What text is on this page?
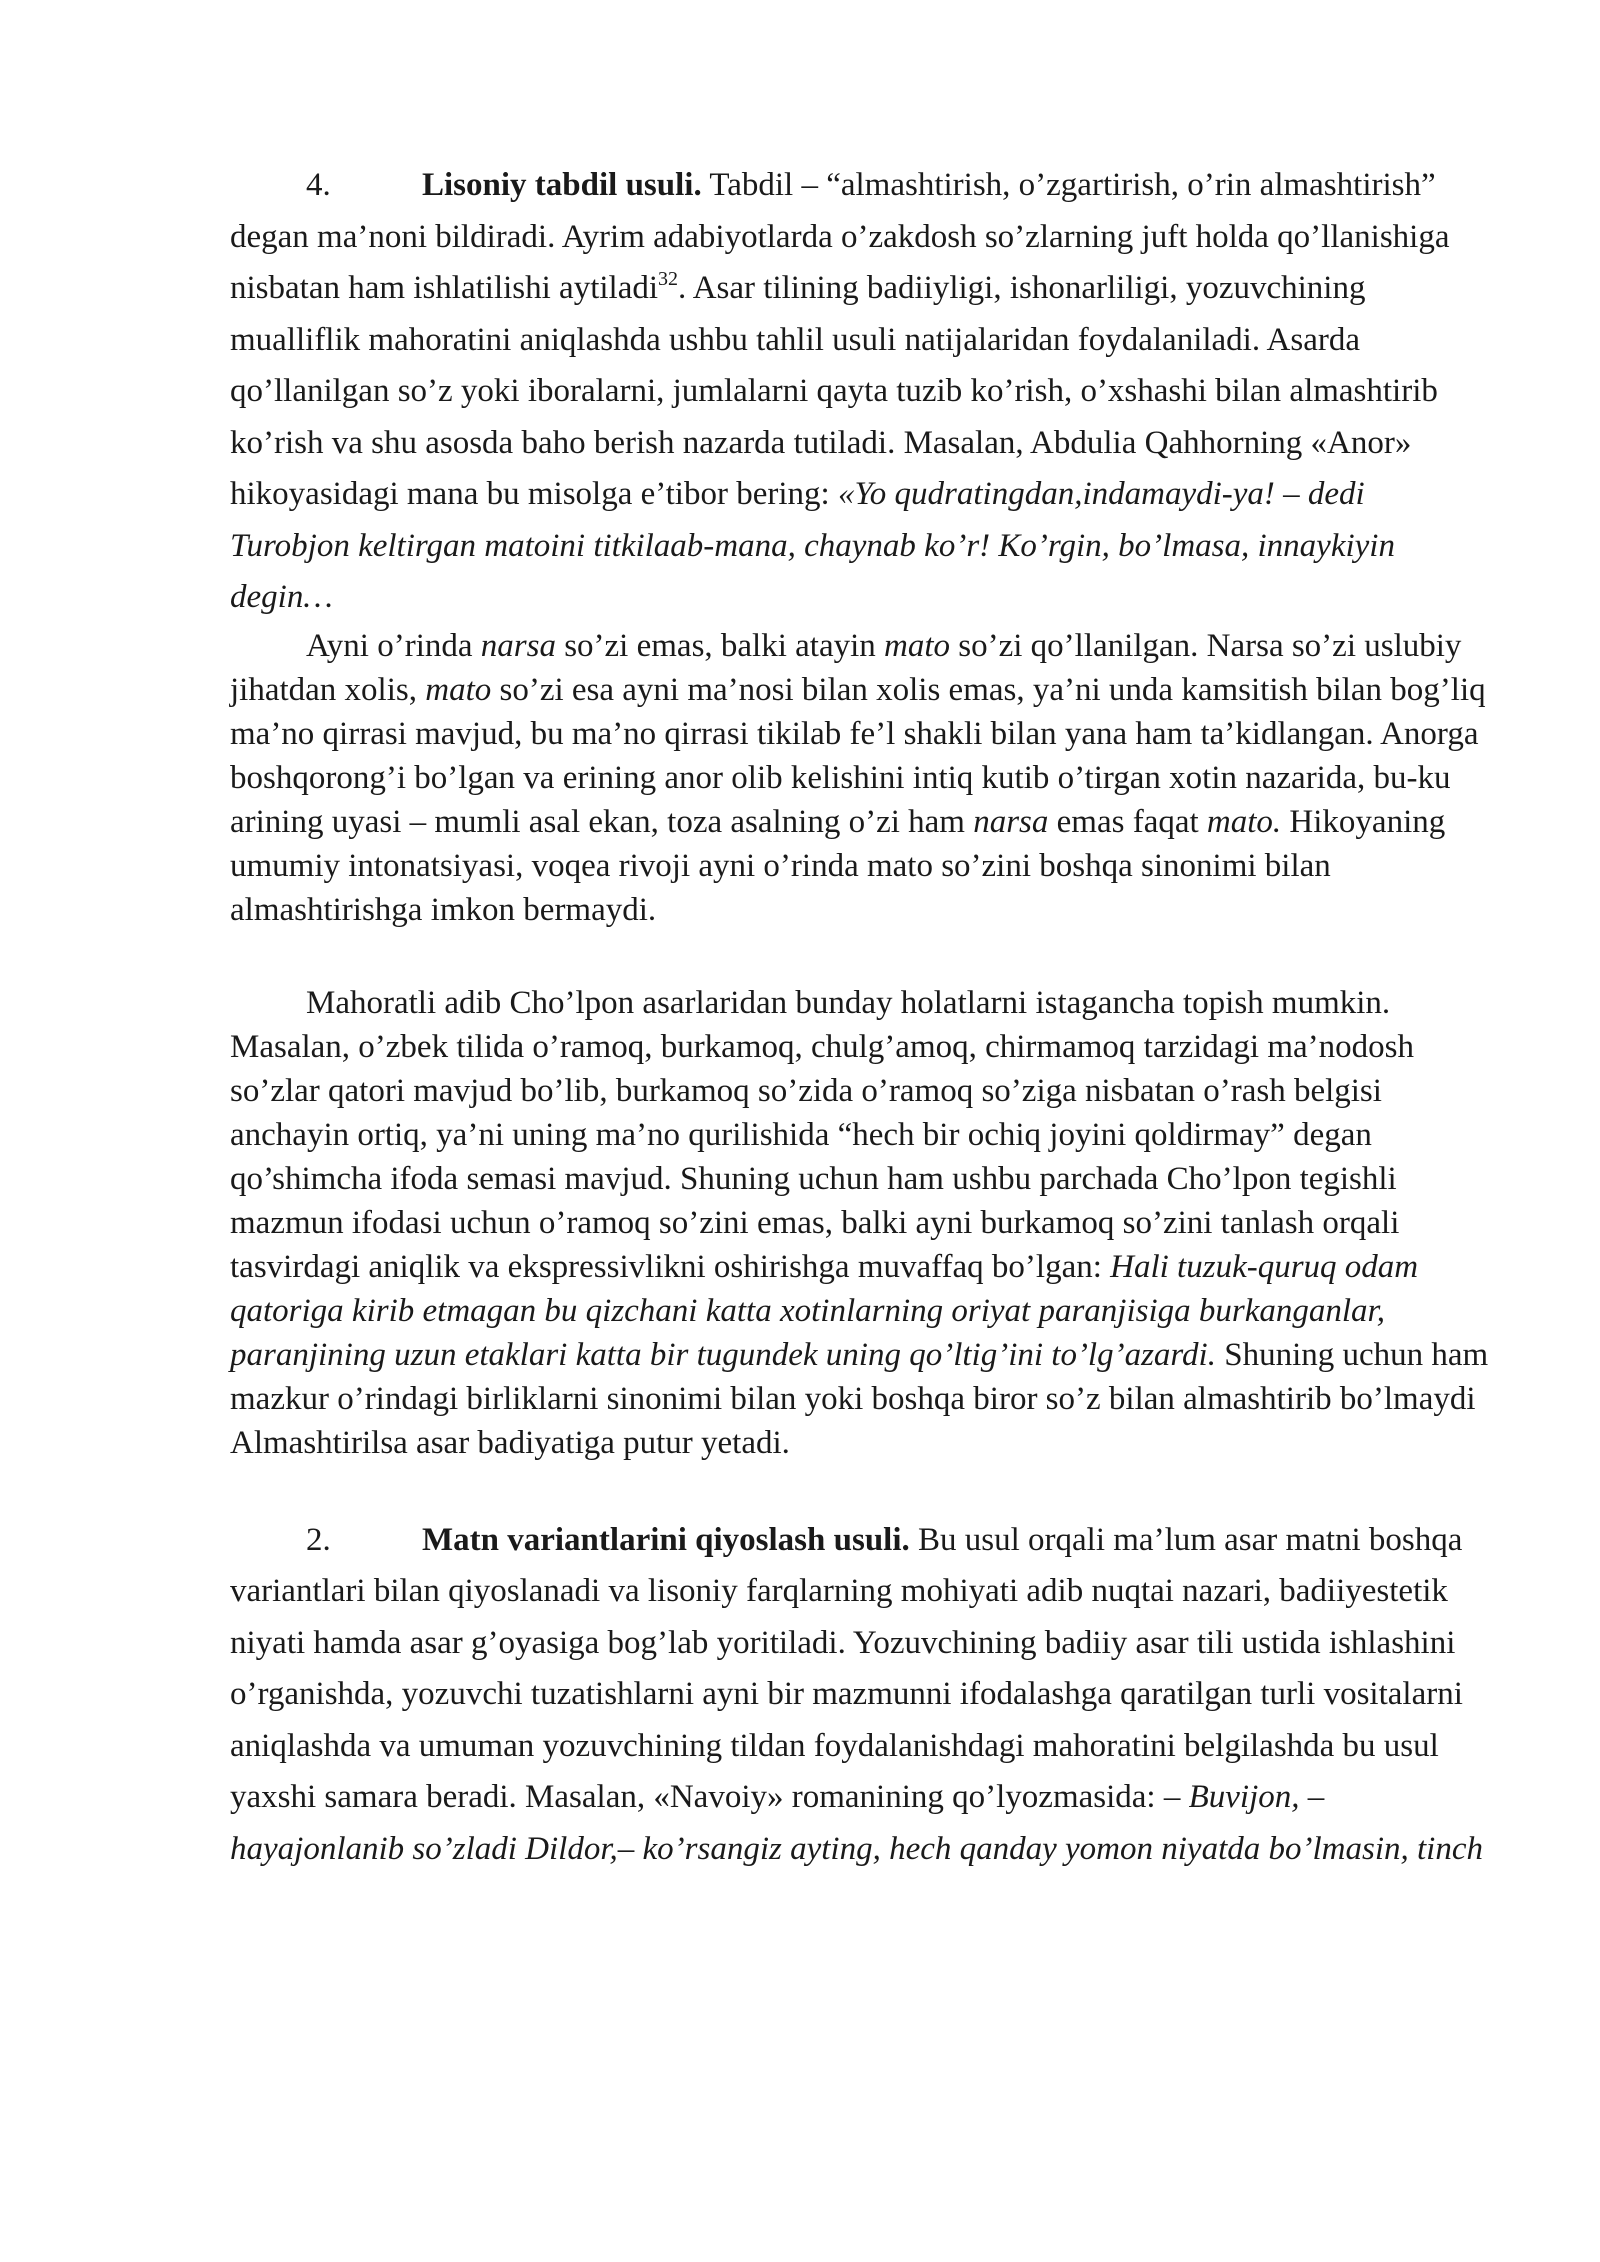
4.	Lisoniy tabdil usuli. Tabdil – “almashtirish, o’zgartirish, o’rin almashtirish” degan ma’noni bildiradi. Ayrim adabiyotlarda o’zakdosh so’zlarning juft holda qo’llanishiga nisbatan ham ishlatilishi aytiladi$^{32}$. Asar tilining badiiyligi, ishonarliligi, yozuvchining mualliflik mahoratini aniqlashda ushbu tahlil usuli natijalaridan foydalaniladi. Asarda qo’llanilgan so’z yoki iboralarni, jumlalarni qayta tuzib ko’rish, o’xshashi bilan almashtirib ko’rish va shu asosda baho berish nazarda tutiladi. Masalan, Abdulia Qahhorning «Anor» hikoyasidagi mana bu misolga e’tibor bering: «Yo qudratingdan,indamaydi-ya! – dedi Turobjon keltirgan matoini titkilaab-mana, chaynab ko’r! Ko’rgin, bo’lmasa, innaykiyin degin…

Ayni o’rinda narsa so’zi emas, balki atayin mato so’zi qo’llanilgan. Narsa so’zi uslubiy jihatdan xolis, mato so’zi esa ayni ma’nosi bilan xolis emas, ya’ni unda kamsitish bilan bog’liq ma’no qirrasi mavjud, bu ma’no qirrasi tikilab fe’l shakli bilan yana ham ta’kidlangan. Anorga boshqorong’i bo’lgan va erining anor olib kelishini intiq kutib o’tirgan xotin nazarida, bu-ku arining uyasi – mumli asal ekan, toza asalning o’zi ham narsa emas faqat mato. Hikoyaning umumiy intonatsiyasi, voqea rivoji ayni o’rinda mato so’zini boshqa sinonimi bilan almashtirishga imkon bermaydi.

Mahoratli adib Cho’lpon asarlaridan bunday holatlarni istagancha topish mumkin. Masalan, o’zbek tilida o’ramoq, burkamoq, chulg’amoq, chirmamoq tarzidagi ma’nodosh so’zlar qatori mavjud bo’lib, burkamoq so’zida o’ramoq so’ziga nisbatan o’rash belgisi anchayin ortiq, ya’ni uning ma’no qurilishida “hech bir ochiq joyini qoldirmay” degan qo’shimcha ifoda semasi mavjud. Shuning uchun ham ushbu parchada Cho’lpon tegishli mazmun ifodasi uchun o’ramoq so’zini emas, balki ayni burkamoq so’zini tanlash orqali tasvirdagi aniqlik va ekspressivlikni oshirishga muvaffaq bo’lgan: Hali tuzuk-quruq odam qatoriga kirib etmagan bu qizchani katta xotinlarning oriyat paranjisiga burkanganlar, paranjining uzun etaklari katta bir tugundek uning qo’ltig’ini to’lg’azardi. Shuning uchun ham mazkur o’rindagi birliklarni sinonimi bilan yoki boshqa biror so’z bilan almashtirib bo’lmaydi Almashtirilsa asar badiyatiga putur yetadi.

2.	Matn variantlarini qiyoslash usuli. Bu usul orqali ma’lum asar matni boshqa variantlari bilan qiyoslanadi va lisoniy farqlarning mohiyati adib nuqtai nazari, badiiyestetik niyati hamda asar g’oyasiga bog’lab yoritiladi. Yozuvchining badiiy asar tili ustida ishlashini o’rganishda, yozuvchi tuzatishlarni ayni bir mazmunni ifodalashga qaratilgan turli vositalarni aniqlashda va umuman yozuvchining tildan foydalanishdagi mahoratini belgilashda bu usul yaxshi samara beradi. Masalan, «Navoiy» romanining qo’lyozmasida: – Buvijon, – hayajonlanib so’zladi Dildor,– ko’rsangiz ayting, hech qanday yomon niyatda bo’lmasin, tinch
